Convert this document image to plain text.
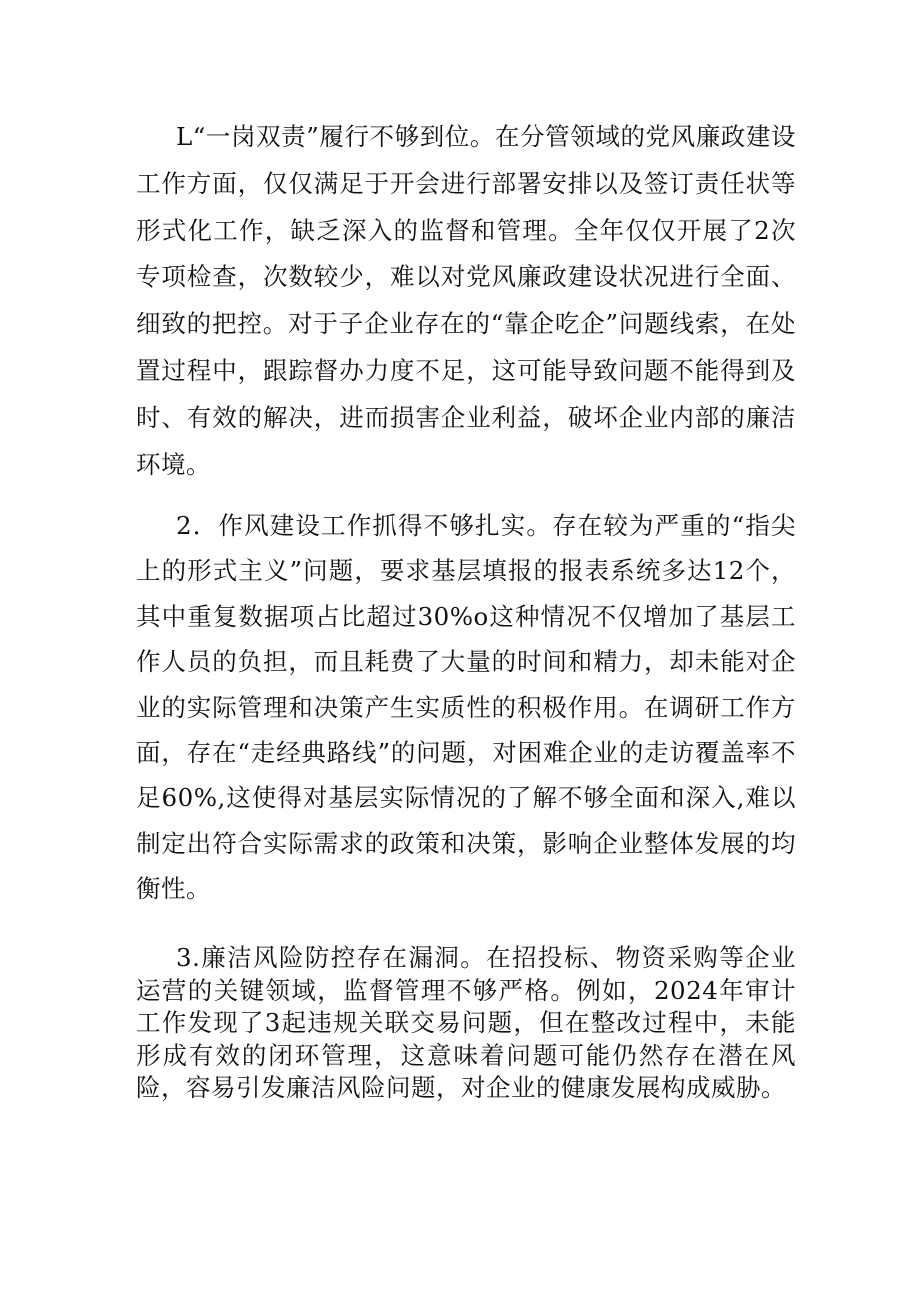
L“一岗双责”履行不够到位。在分管领域的党风廉政建设工作方面，仅仅满足于开会进行部署安排以及签订责任状等形式化工作，缺乏深入的监督和管理。全年仅仅开展了2次专项检查，次数较少，难以对党风廉政建设状况进行全面、细致的把控。对于子企业存在的“靠企吃企”问题线索，在处置过程中，跟踪督办力度不足，这可能导致问题不能得到及时、有效的解决，进而损害企业利益，破坏企业内部的廉洁环境。

2．作风建设工作抓得不够扎实。存在较为严重的“指尖上的形式主义”问题，要求基层填报的报表系统多达12个，其中重复数据项占比超过30%o这种情况不仅增加了基层工作人员的负担，而且耗费了大量的时间和精力，却未能对企业的实际管理和决策产生实质性的积极作用。在调研工作方面，存在“走经典路线”的问题，对困难企业的走访覆盖率不足60%,这使得对基层实际情况的了解不够全面和深入,难以制定出符合实际需求的政策和决策，影响企业整体发展的均衡性。

3.廉洁风险防控存在漏洞。在招投标、物资采购等企业运营的关键领域，监督管理不够严格。例如，2024年审计工作发现了3起违规关联交易问题，但在整改过程中，未能形成有效的闭环管理，这意味着问题可能仍然存在潜在风险，容易引发廉洁风险问题，对企业的健康发展构成威胁。
